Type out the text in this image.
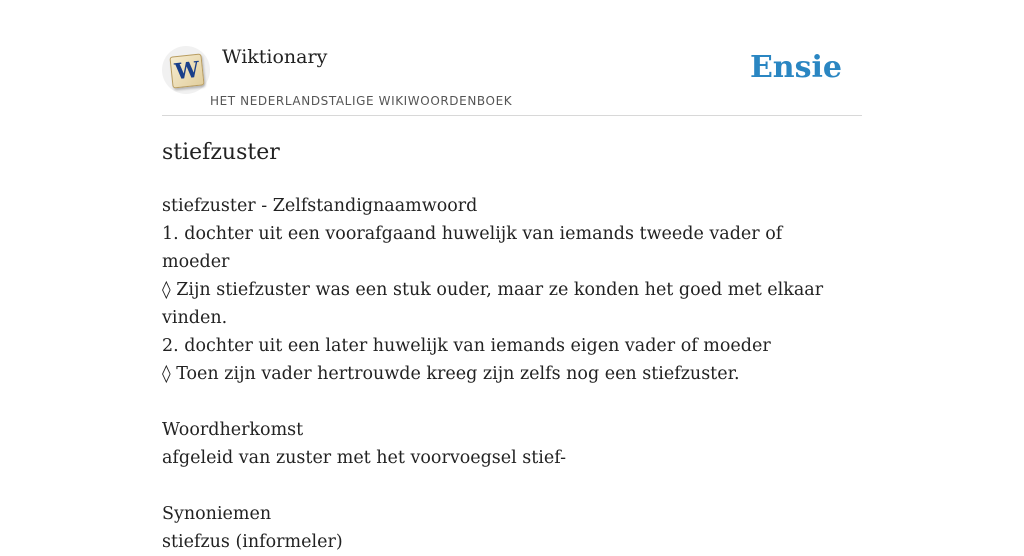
W Wiktionary
HET NEDERLANDSTALIGE WIKIWOORDENBOEK
Ensie
stiefzuster
stiefzuster - Zelfstandignaamwoord
1. dochter uit een voorafgaand huwelijk van iemands tweede vader of moeder
◊ Zijn stiefzuster was een stuk ouder, maar ze konden het goed met elkaar vinden.
2. dochter uit een later huwelijk van iemands eigen vader of moeder
◊ Toen zijn vader hertrouwde kreeg zijn zelfs nog een stiefzuster.
Woordherkomst
afgeleid van zuster met het voorvoegsel stief-
Synoniemen
stiefzus (informeler)
